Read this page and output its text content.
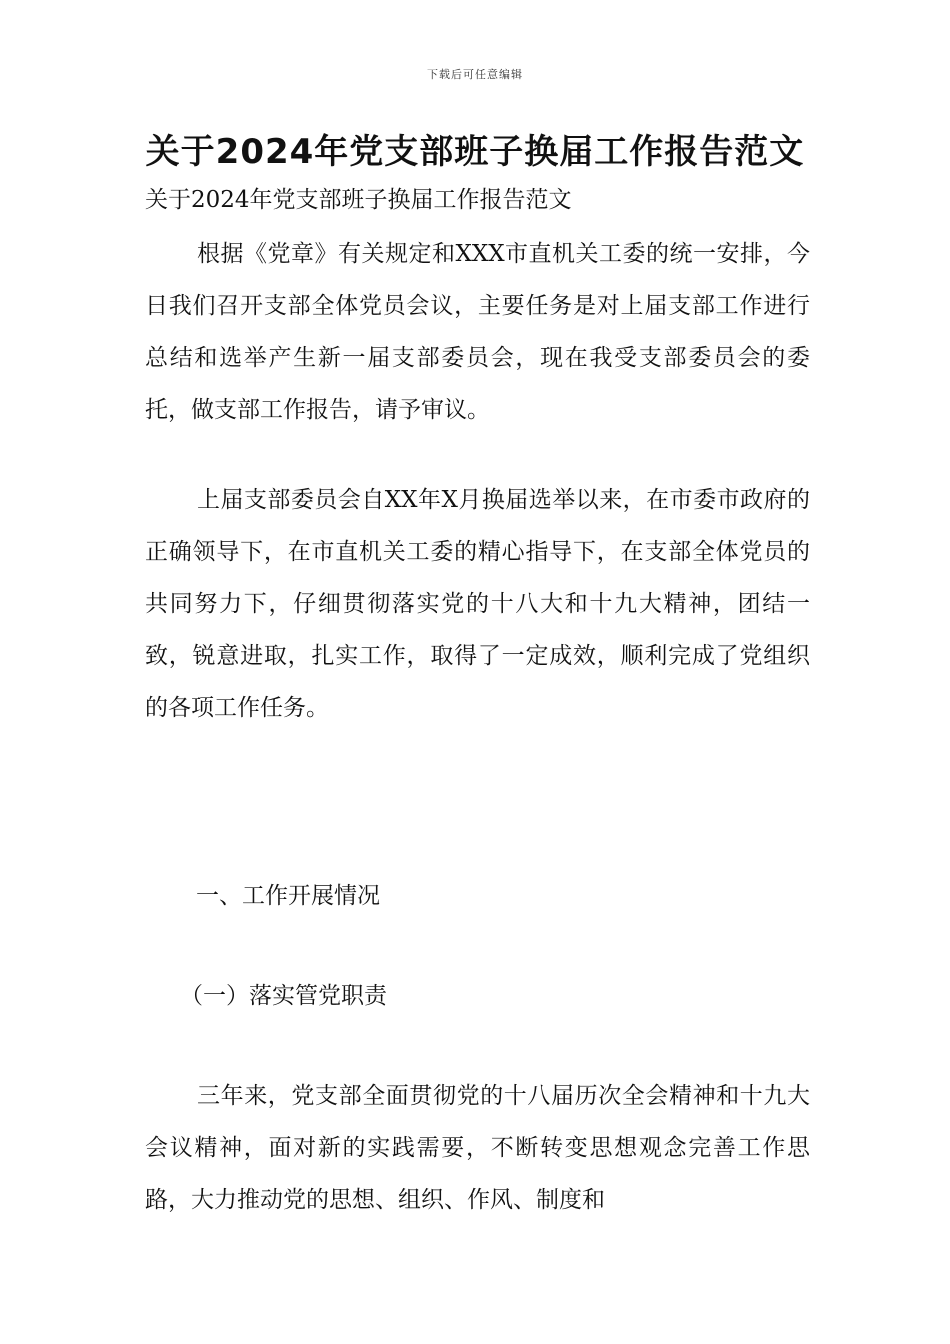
下载后可任意编辑
关于2024年党支部班子换届工作报告范文

关于2024年党支部班子换届工作报告范文

根据《党章》有关规定和XXX市直机关工委的统一安排，今日我们召开支部全体党员会议，主要任务是对上届支部工作进行总结和选举产生新一届支部委员会，现在我受支部委员会的委托，做支部工作报告，请予审议。

上届支部委员会自XX年X月换届选举以来，在市委市政府的正确领导下，在市直机关工委的精心指导下，在支部全体党员的共同努力下，仔细贯彻落实党的十八大和十九大精神，团结一致，锐意进取，扎实工作，取得了一定成效，顺利完成了党组织的各项工作任务。

一、工作开展情况

（一）落实管党职责

三年来，党支部全面贯彻党的十八届历次全会精神和十九大会议精神，面对新的实践需要，不断转变思想观念完善工作思路，大力推动党的思想、组织、作风、制度和
